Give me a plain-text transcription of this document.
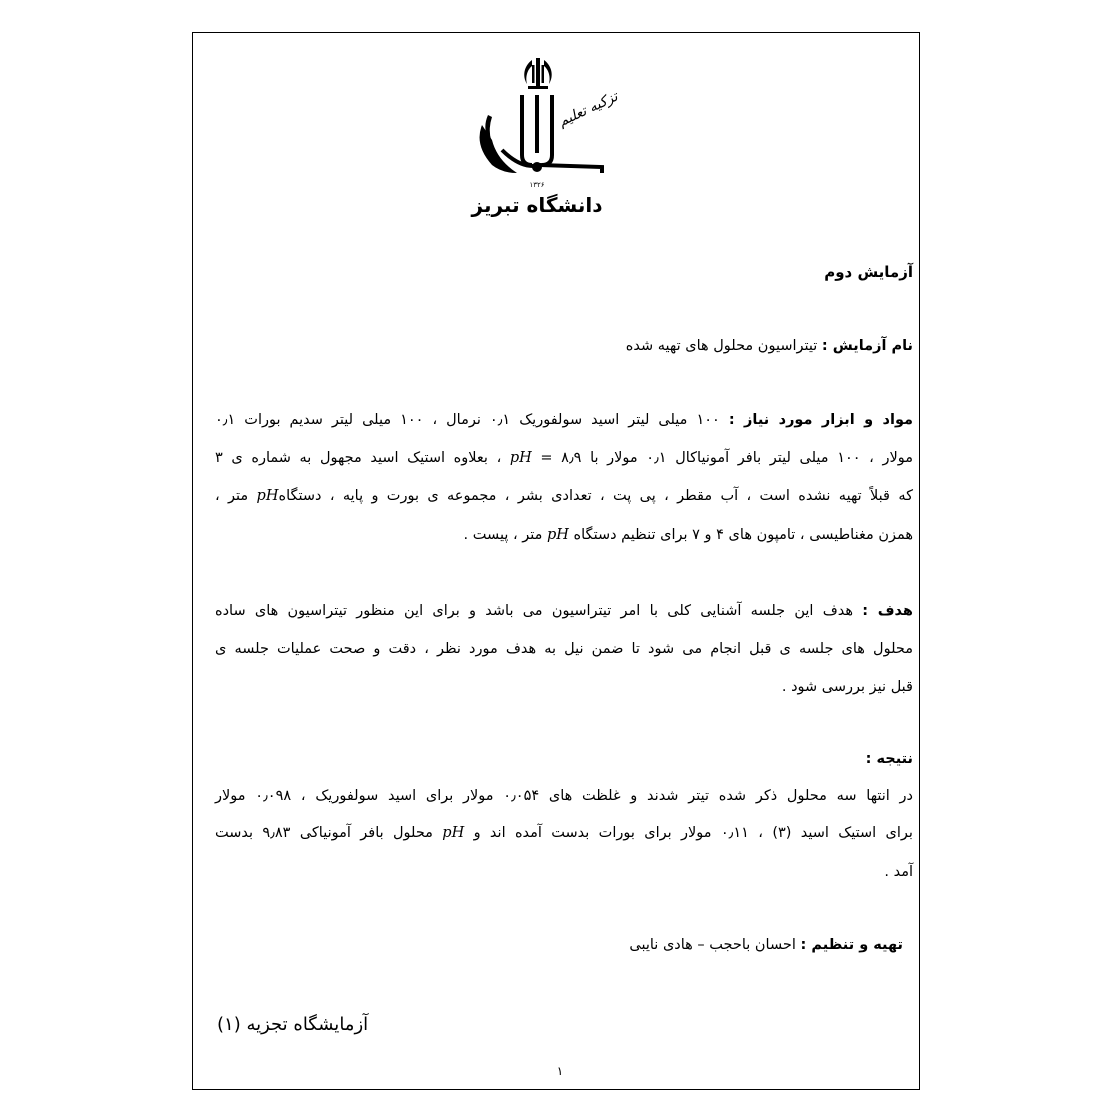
تزکیه تعلیم
۱۳۲۶
دانشگاه تبریز
آزمایش دوم
نام آزمایش : تیتراسیون محلول های تهیه شده
مواد و ابزار مورد نیاز : ۱۰۰ میلی لیتر اسید سولفوریک ۰٫۱ نرمال ، ۱۰۰ میلی لیتر سدیم بورات ۰٫۱
مولار ، ۱۰۰ میلی لیتر بافر آمونیاکال ۰٫۱ مولار با pH = ۸٫۹ ، بعلاوه استیک اسید مجهول به شماره ی ۳
که قبلاً تهیه نشده است ، آب مقطر ، پی پت ، تعدادی بشر ، مجموعه ی بورت و پایه ، دستگاهpH متر ،
همزن مغناطیسی ، تامپون های ۴ و ۷ برای تنظیم دستگاه pH متر ، پیست .
هدف : هدف این جلسه آشنایی کلی با امر تیتراسیون می باشد و برای این منظور تیتراسیون های ساده
محلول های جلسه ی قبل انجام می شود تا ضمن نیل به هدف مورد نظر ، دقت و صحت عملیات جلسه ی
قبل نیز بررسی شود .
نتیجه :
در انتها سه محلول ذکر شده تیتر شدند و غلظت های ۰٫۰۵۴ مولار برای اسید سولفوریک ، ۰٫۰۹۸ مولار
برای استیک اسید (۳) ، ۰٫۱۱ مولار برای بورات بدست آمده اند و pH محلول بافر آمونیاکی ۹٫۸۳ بدست
آمد .
تهیه و تنظیم : احسان باحجب – هادی نایبی
آزمایشگاه تجزیه (۱)
۱
